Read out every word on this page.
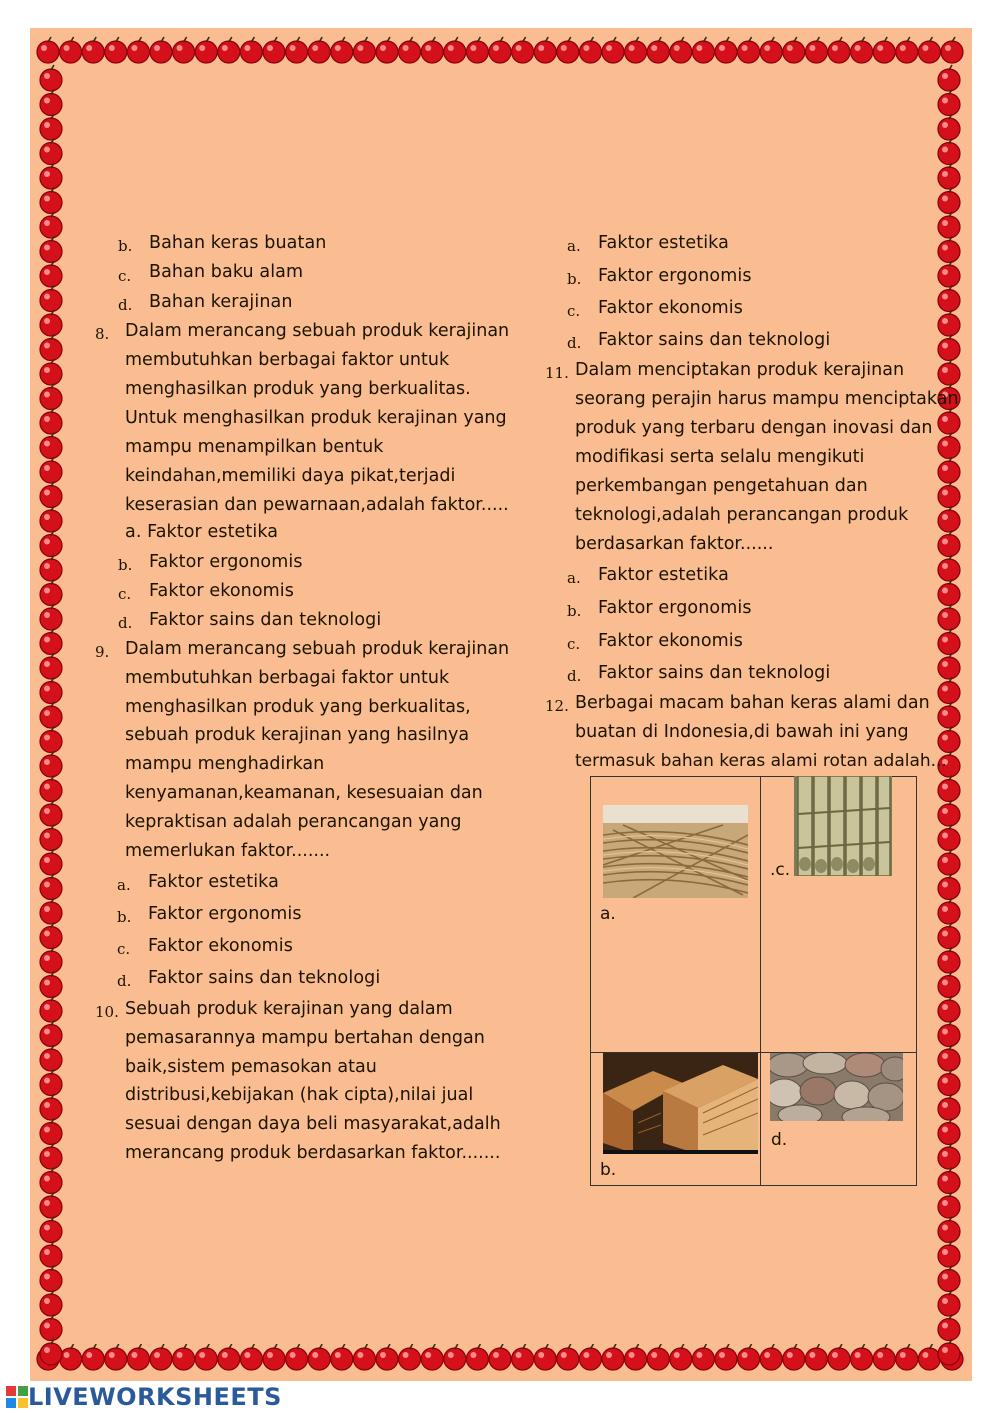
b. Bahan keras buatan
c. Bahan baku alam
d. Bahan kerajinan
8. Dalam merancang sebuah produk kerajinan
membutuhkan berbagai faktor untuk
menghasilkan produk yang berkualitas.
Untuk menghasilkan produk kerajinan yang
mampu menampilkan bentuk
keindahan,memiliki daya pikat,terjadi
keserasian dan pewarnaan,adalah faktor.....
a. Faktor estetika
b. Faktor ergonomis
c. Faktor ekonomis
d. Faktor sains dan teknologi
9. Dalam merancang sebuah produk kerajinan
membutuhkan berbagai faktor untuk
menghasilkan produk yang berkualitas,
sebuah produk kerajinan yang hasilnya
mampu menghadirkan
kenyamanan,keamanan, kesesuaian dan
kepraktisan adalah perancangan yang
memerlukan faktor.......
a. Faktor estetika
b. Faktor ergonomis
c. Faktor ekonomis
d. Faktor sains dan teknologi
10. Sebuah produk kerajinan yang dalam
pemasarannya mampu bertahan dengan
baik,sistem pemasokan atau
distribusi,kebijakan (hak cipta),nilai jual
sesuai dengan daya beli masyarakat,adalh
merancang produk berdasarkan faktor.......
a. Faktor estetika
b. Faktor ergonomis
c. Faktor ekonomis
d. Faktor sains dan teknologi
11. Dalam menciptakan produk kerajinan
seorang perajin harus mampu menciptakan
produk yang terbaru dengan inovasi dan
modifikasi serta selalu mengikuti
perkembangan pengetahuan dan
teknologi,adalah perancangan produk
berdasarkan faktor......
a. Faktor estetika
b. Faktor ergonomis
c. Faktor ekonomis
d. Faktor sains dan teknologi
12. Berbagai macam bahan keras alami dan
buatan di Indonesia,di bawah ini yang
termasuk bahan keras alami rotan adalah...
a.
.c.
b.
d.
LIVEWORKSHEETS
